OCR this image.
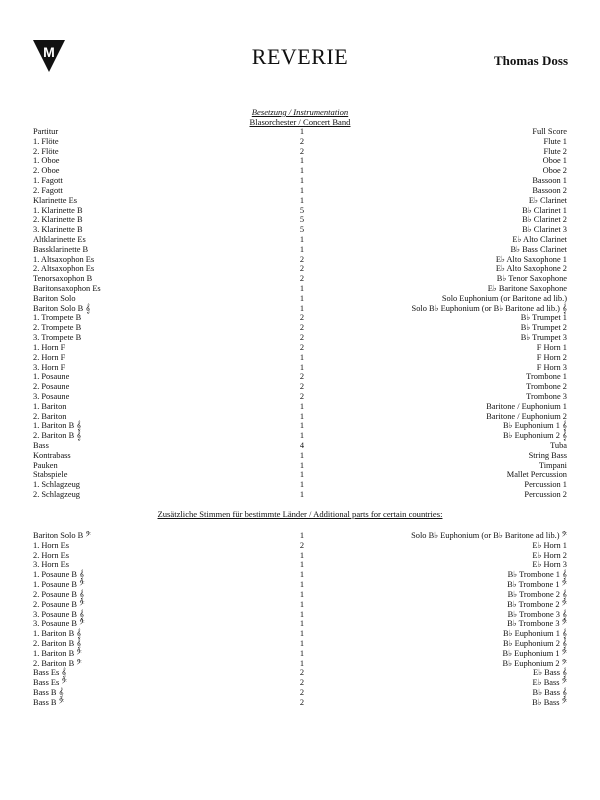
M	REVERIE	Thomas Doss
Besetzung / Instrumentation
Blasorchester / Concert Band
Partitur	1	Full Score
1. Flöte	2	Flute 1
2. Flöte	2	Flute 2
1. Oboe	1	Oboe 1
2. Oboe	1	Oboe 2
1. Fagott	1	Bassoon 1
2. Fagott	1	Bassoon 2
Klarinette Es	1	E♭ Clarinet
1. Klarinette B	5	B♭ Clarinet 1
2. Klarinette B	5	B♭ Clarinet 2
3. Klarinette B	5	B♭ Clarinet 3
Altklarinette Es	1	E♭ Alto Clarinet
Bassklarinette B	1	B♭ Bass Clarinet
1. Altsaxophon Es	2	E♭ Alto Saxophone 1
2. Altsaxophon Es	2	E♭ Alto Saxophone 2
Tenorsaxophon B	2	B♭ Tenor Saxophone
Baritonsaxophon Es	1	E♭ Baritone Saxophone
Bariton Solo	1	Solo Euphonium (or Baritone ad lib.)
Bariton Solo B 𝄞	1	Solo B♭ Euphonium (or B♭ Baritone ad lib.) 𝄞
1. Trompete B	2	B♭ Trumpet 1
2. Trompete B	2	B♭ Trumpet 2
3. Trompete B	2	B♭ Trumpet 3
1. Horn F	2	F Horn 1
2. Horn F	1	F Horn 2
3. Horn F	1	F Horn 3
1. Posaune	2	Trombone 1
2. Posaune	2	Trombone 2
3. Posaune	2	Trombone 3
1. Bariton	1	Baritone / Euphonium 1
2. Bariton	1	Baritone / Euphonium 2
1. Bariton B 𝄞	1	B♭ Euphonium 1 𝄞
2. Bariton B 𝄞	1	B♭ Euphonium 2 𝄞
Bass	4	Tuba
Kontrabass	1	String Bass
Pauken	1	Timpani
Stabspiele	1	Mallet Percussion
1. Schlagzeug	1	Percussion 1
2. Schlagzeug	1	Percussion 2
Zusätzliche Stimmen für bestimmte Länder / Additional parts for certain countries:
Bariton Solo B 𝄢	1	Solo B♭ Euphonium (or B♭ Baritone ad lib.) 𝄢
1. Horn Es	2	E♭ Horn 1
2. Horn Es	1	E♭ Horn 2
3. Horn Es	1	E♭ Horn 3
1. Posaune B 𝄞	1	B♭ Trombone 1 𝄞
1. Posaune B 𝄢	1	B♭ Trombone 1 𝄢
2. Posaune B 𝄞	1	B♭ Trombone 2 𝄞
2. Posaune B 𝄢	1	B♭ Trombone 2 𝄢
3. Posaune B 𝄞	1	B♭ Trombone 3 𝄞
3. Posaune B 𝄢	1	B♭ Trombone 3 𝄢
1. Bariton B 𝄞	1	B♭ Euphonium 1 𝄞
2. Bariton B 𝄞	1	B♭ Euphonium 2 𝄞
1. Bariton B 𝄢	1	B♭ Euphonium 1 𝄢
2. Bariton B 𝄢	1	B♭ Euphonium 2 𝄢
Bass Es 𝄞	2	E♭ Bass 𝄞
Bass Es 𝄢	2	E♭ Bass 𝄢
Bass B 𝄞	2	B♭ Bass 𝄞
Bass B 𝄢	2	B♭ Bass 𝄢
